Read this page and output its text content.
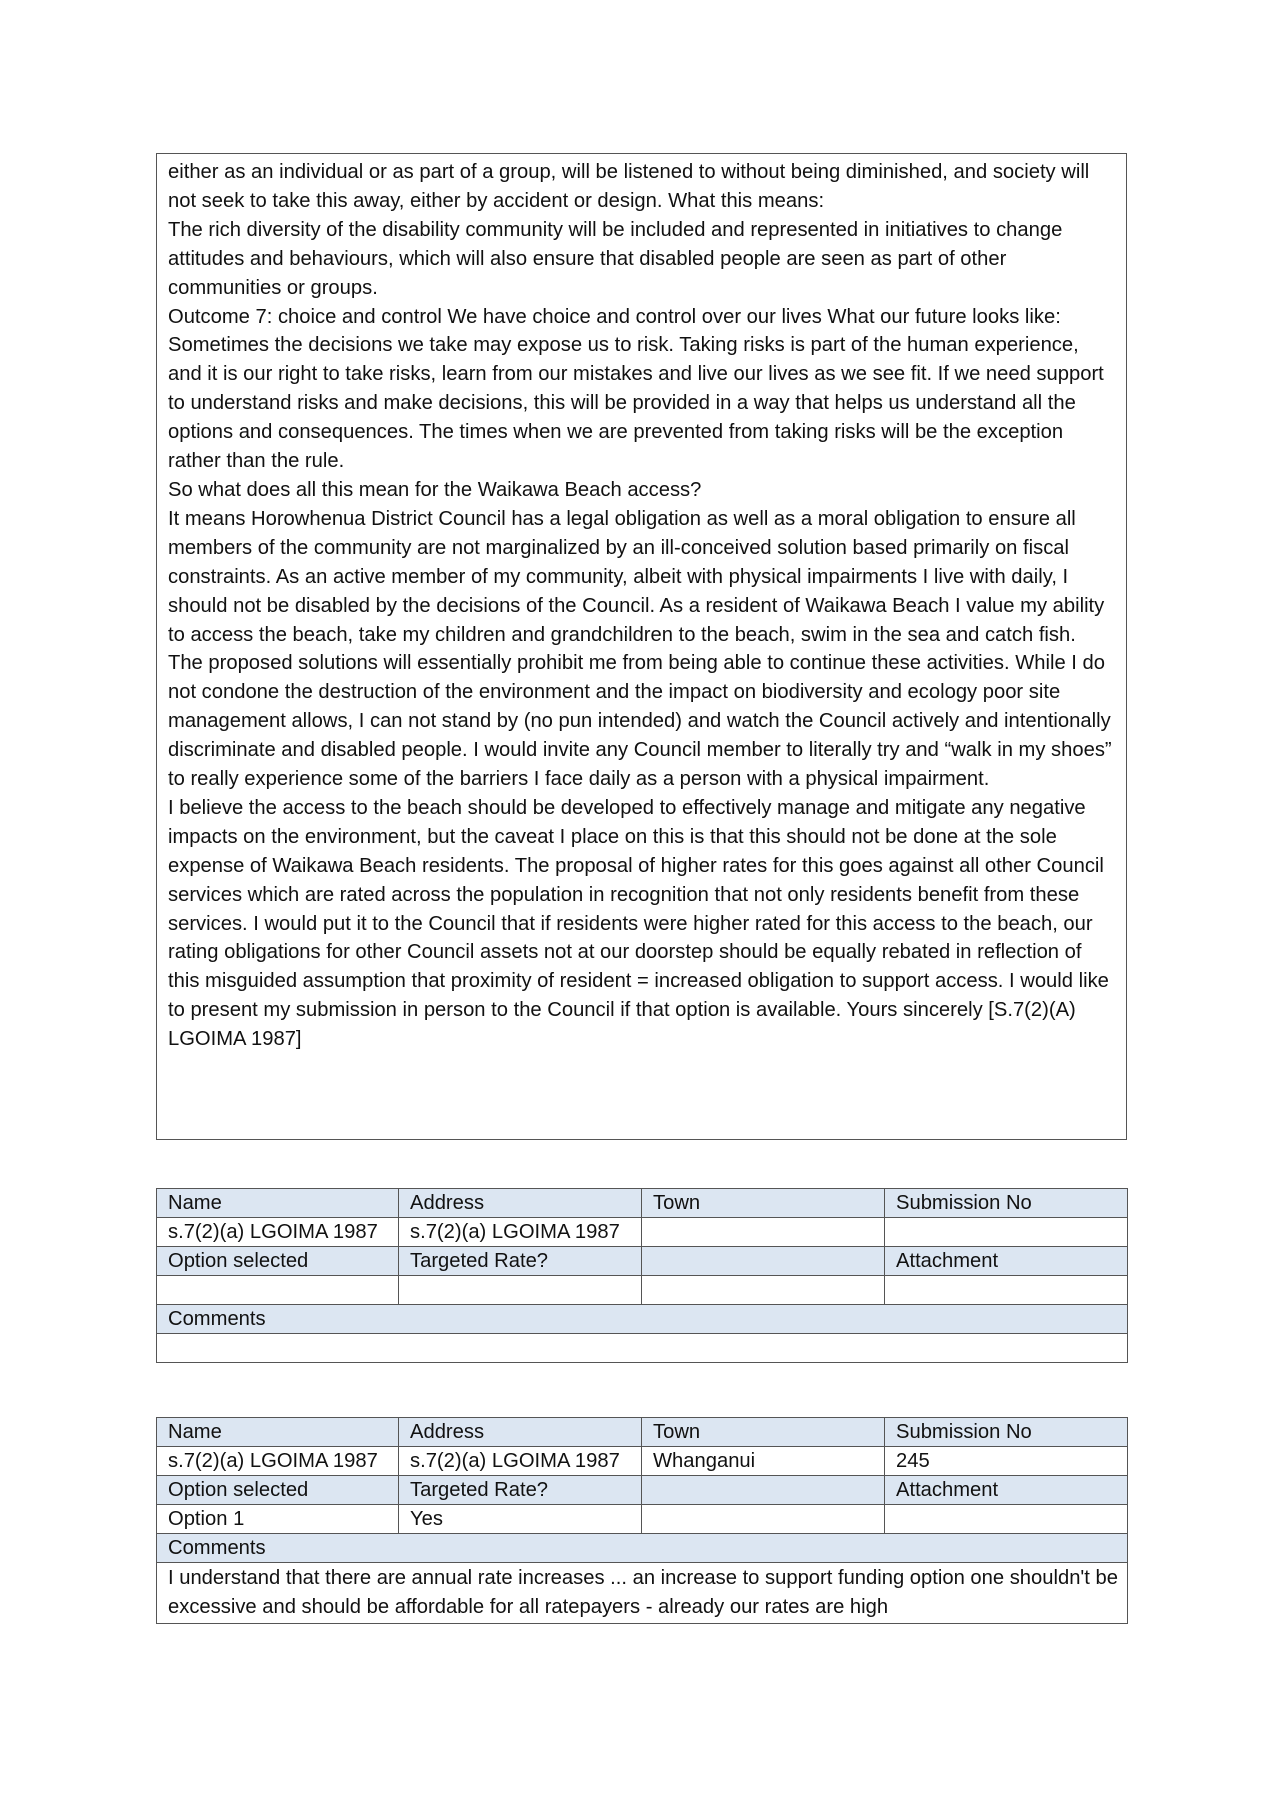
either as an individual or as part of a group, will be listened to without being diminished, and society will not seek to take this away, either by accident or design. What this means:

The rich diversity of the disability community will be included and represented in initiatives to change attitudes and behaviours, which will also ensure that disabled people are seen as part of other communities or groups.

Outcome 7: choice and control We have choice and control over our lives What our future looks like:

Sometimes the decisions we take may expose us to risk. Taking risks is part of the human experience, and it is our right to take risks, learn from our mistakes and live our lives as we see fit. If we need support to understand risks and make decisions, this will be provided in a way that helps us understand all the options and consequences. The times when we are prevented from taking risks will be the exception rather than the rule.

So what does all this mean for the Waikawa Beach access?

It means Horowhenua District Council has a legal obligation as well as a moral obligation to ensure all members of the community are not marginalized by an ill-conceived solution based primarily on fiscal constraints. As an active member of my community, albeit with physical impairments I live with daily, I should not be disabled by the decisions of the Council. As a resident of Waikawa Beach I value my ability to access the beach, take my children and grandchildren to the beach, swim in the sea and catch fish.

The proposed solutions will essentially prohibit me from being able to continue these activities. While I do not condone the destruction of the environment and the impact on biodiversity and ecology poor site management allows, I can not stand by (no pun intended) and watch the Council actively and intentionally discriminate and disabled people. I would invite any Council member to literally try and “walk in my shoes” to really experience some of the barriers I face daily as a person with a physical impairment.

I believe the access to the beach should be developed to effectively manage and mitigate any negative impacts on the environment, but the caveat I place on this is that this should not be done at the sole expense of Waikawa Beach residents. The proposal of higher rates for this goes against all other Council services which are rated across the population in recognition that not only residents benefit from these services. I would put it to the Council that if residents were higher rated for this access to the beach, our rating obligations for other Council assets not at our doorstep should be equally rebated in reflection of this misguided assumption that proximity of resident = increased obligation to support access. I would like to present my submission in person to the Council if that option is available. Yours sincerely [S.7(2)(A) LGOIMA 1987]

Name	Address	Town	Submission No
s.7(2)(a) LGOIMA 1987	s.7(2)(a) LGOIMA 1987		
Option selected	Targeted Rate?		Attachment

Comments			

Name	Address	Town	Submission No
s.7(2)(a) LGOIMA 1987	s.7(2)(a) LGOIMA 1987	Whanganui	245
Option selected	Targeted Rate?		Attachment
Option 1	Yes		
Comments			
I understand that there are annual rate increases ... an increase to support funding option one shouldn't be excessive and should be affordable for all ratepayers - already our rates are high			
